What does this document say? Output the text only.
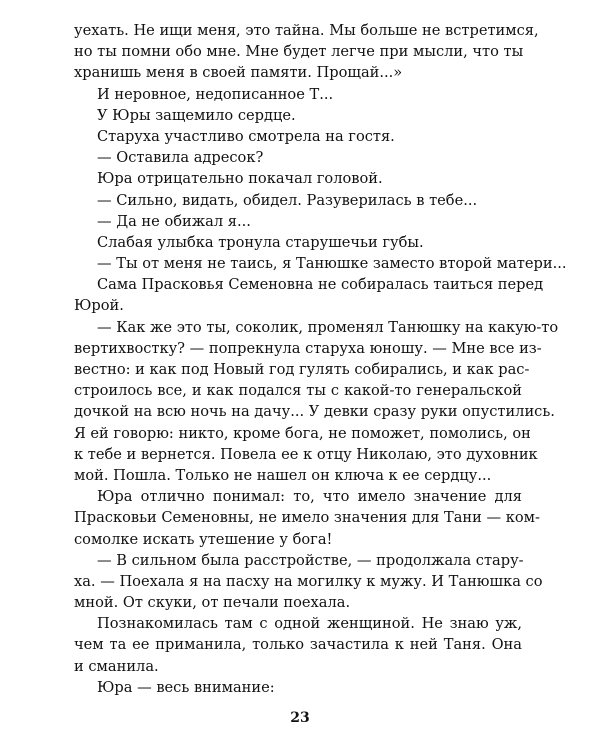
уехать. Не ищи меня, это тайна. Мы больше не встретимся,
но ты помни обо мне. Мне будет легче при мысли, что ты
хранишь меня в своей памяти. Прощай...»
И неровное, недописанное Т...
У Юры защемило сердце.
Старуха участливо смотрела на гостя.
— Оставила адресок?
Юра отрицательно покачал головой.
— Сильно, видать, обидел. Разуверилась в тебе...
— Да не обижал я...
Слабая улыбка тронула старушечьи губы.
— Ты от меня не таись, я Танюшке заместо второй матери...
Сама Прасковья Семеновна не собиралась таиться перед
Юрой.
— Как же это ты, соколик, променял Танюшку на какую-то
вертихвостку? — попрекнула старуха юношу. — Мне все из-
вестно: и как под Новый год гулять собирались, и как рас-
строилось все, и как подался ты с какой-то генеральской
дочкой на всю ночь на дачу... У девки сразу руки опустились.
Я ей говорю: никто, кроме бога, не поможет, помолись, он
к тебе и вернется. Повела ее к отцу Николаю, это духовник
мой. Пошла. Только не нашел он ключа к ее сердцу...
Юра отлично понимал: то, что имело значение для
Прасковьи Семеновны, не имело значения для Тани — ком-
сомолке искать утешение у бога!
— В сильном была расстройстве, — продолжала стару-
ха. — Поехала я на пасху на могилку к мужу. И Танюшка со
мной. От скуки, от печали поехала.
Познакомилась там с одной женщиной. Не знаю уж,
чем та ее приманила, только зачастила к ней Таня. Она
и сманила.
Юра — весь внимание:
23
